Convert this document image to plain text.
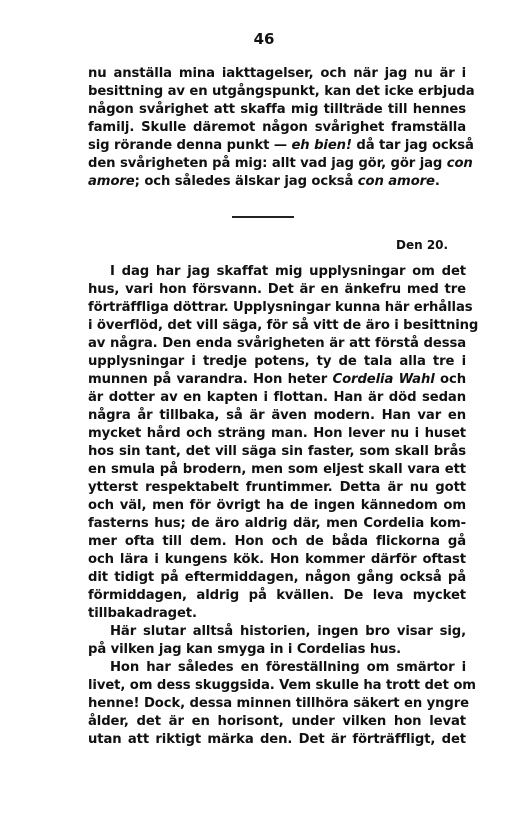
46
nu anställa mina iakttagelser, och när jag nu är i
besittning av en utgångspunkt, kan det icke erbjuda
någon svårighet att skaffa mig tillträde till hennes
familj. Skulle däremot någon svårighet framställa
sig rörande denna punkt — eh bien! då tar jag också
den svårigheten på mig: allt vad jag gör, gör jag con
amore; och således älskar jag också con amore.
Den 20.
I dag har jag skaffat mig upplysningar om det
hus, vari hon försvann. Det är en änkefru med tre
förträffliga döttrar. Upplysningar kunna här erhållas
i överflöd, det vill säga, för så vitt de äro i besittning
av några. Den enda svårigheten är att förstå dessa
upplysningar i tredje potens, ty de tala alla tre i
munnen på varandra. Hon heter Cordelia Wahl och
är dotter av en kapten i flottan. Han är död sedan
några år tillbaka, så är även modern. Han var en
mycket hård och sträng man. Hon lever nu i huset
hos sin tant, det vill säga sin faster, som skall brås
en smula på brodern, men som eljest skall vara ett
ytterst respektabelt fruntimmer. Detta är nu gott
och väl, men för övrigt ha de ingen kännedom om
fasterns hus; de äro aldrig där, men Cordelia kom-
mer ofta till dem. Hon och de båda flickorna gå
och lära i kungens kök. Hon kommer därför oftast
dit tidigt på eftermiddagen, någon gång också på
förmiddagen, aldrig på kvällen. De leva mycket
tillbakadraget.
Här slutar alltså historien, ingen bro visar sig,
på vilken jag kan smyga in i Cordelias hus.
Hon har således en föreställning om smärtor i
livet, om dess skuggsida. Vem skulle ha trott det om
henne! Dock, dessa minnen tillhöra säkert en yngre
ålder, det är en horisont, under vilken hon levat
utan att riktigt märka den. Det är förträffligt, det
